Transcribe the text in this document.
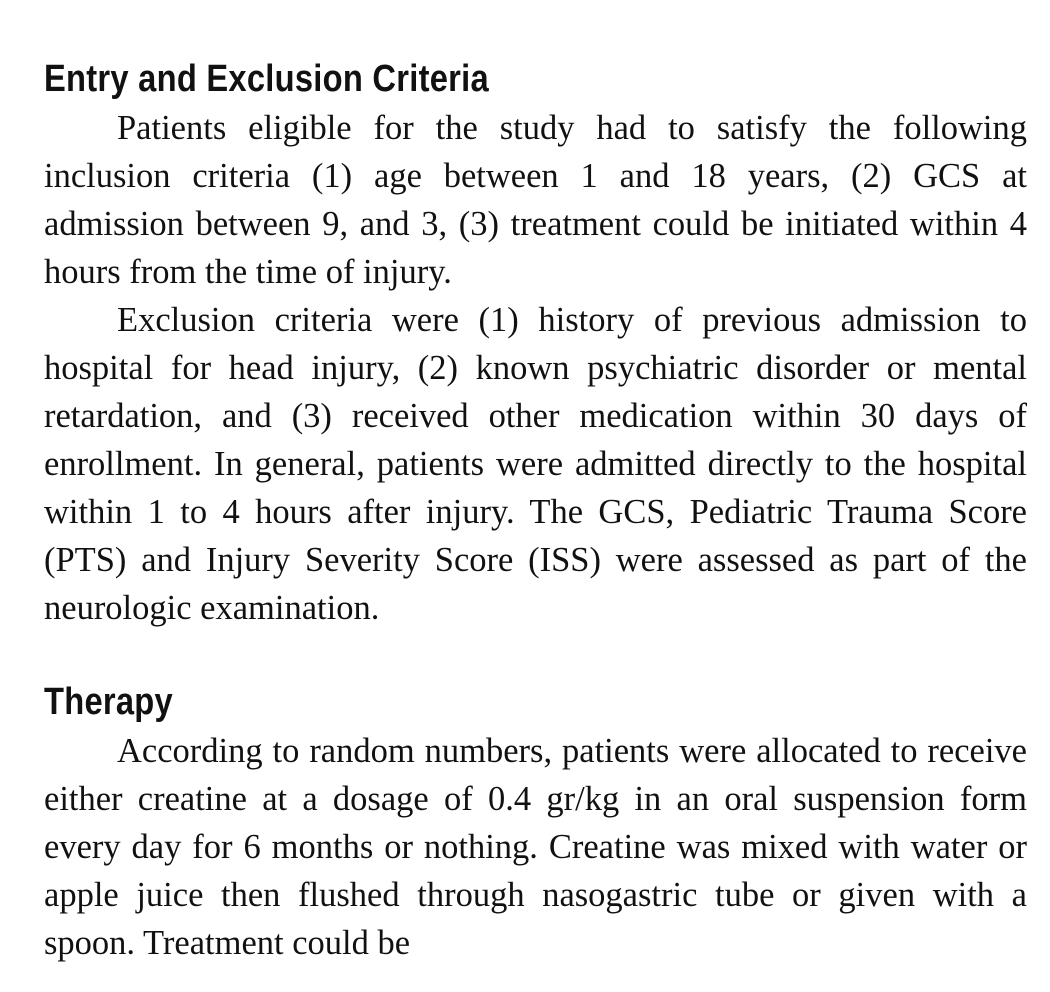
Entry and Exclusion Criteria

Patients eligible for the study had to satisfy the following inclusion criteria (1) age between 1 and 18 years, (2) GCS at admission between 9, and 3, (3) treatment could be initiated within 4 hours from the time of injury.

Exclusion criteria were (1) history of previous admission to hospital for head injury, (2) known psychiatric disorder or mental retardation, and (3) received other medication within 30 days of enrollment. In general, patients were admitted directly to the hospital within 1 to 4 hours after injury. The GCS, Pediatric Trauma Score (PTS) and Injury Severity Score (ISS) were assessed as part of the neurologic examination.

Therapy

According to random numbers, patients were allocated to receive either creatine at a dosage of 0.4 gr/kg in an oral suspension form every day for 6 months or nothing. Creatine was mixed with water or apple juice then flushed through nasogastric tube or given with a spoon. Treatment could be
